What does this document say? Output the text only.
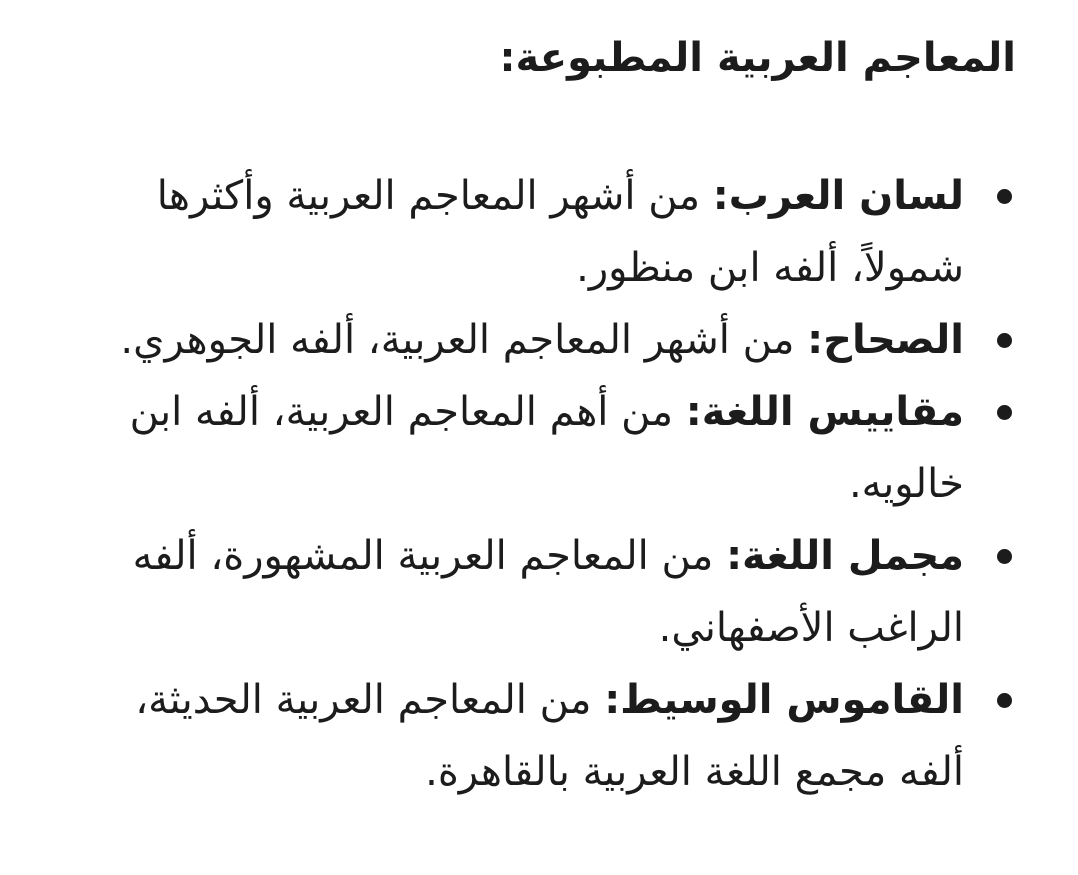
المعاجم العربية المطبوعة:
لسان العرب: من أشهر المعاجم العربية وأكثرها شمولاً، ألفه ابن منظور.
الصحاح: من أشهر المعاجم العربية، ألفه الجوهري.
مقاييس اللغة: من أهم المعاجم العربية، ألفه ابن خالويه.
مجمل اللغة: من المعاجم العربية المشهورة، ألفه الراغب الأصفهاني.
القاموس الوسيط: من المعاجم العربية الحديثة، ألفه مجمع اللغة العربية بالقاهرة.
